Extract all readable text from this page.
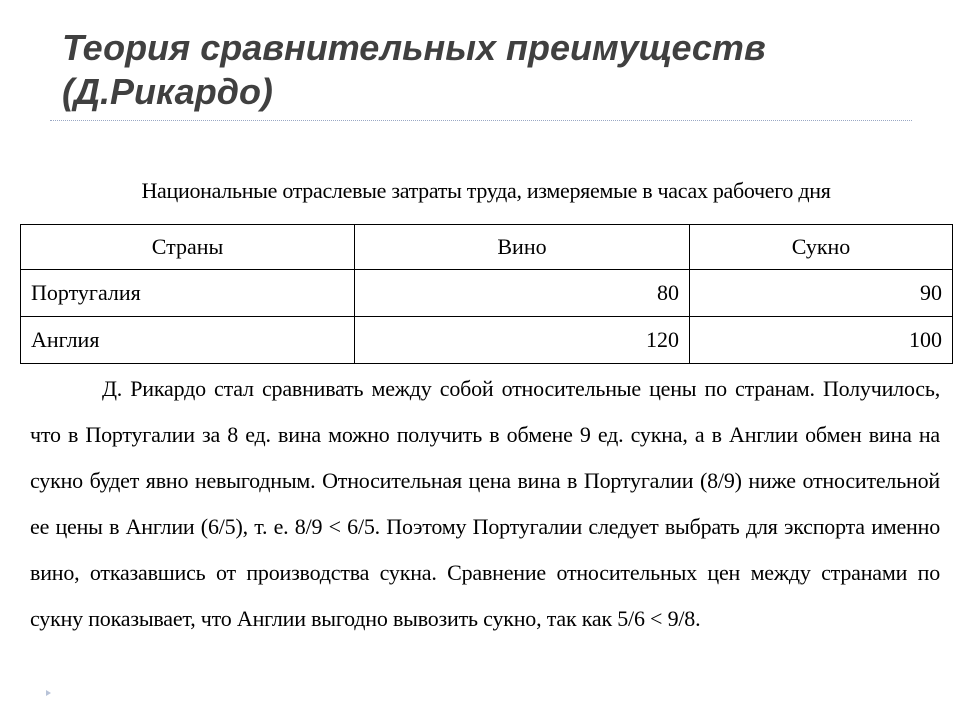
Теория сравнительных преимуществ
(Д.Рикардо)
Национальные отраслевые затраты труда, измеряемые в часах рабочего дня
Страны	Вино	Сукно
Португалия	80	90
Англия	120	100

Д. Рикардо стал сравнивать между собой относительные цены по странам. Получилось, что в Португалии за 8 ед. вина можно получить в обмене 9 ед. сукна, а в Англии обмен вина на сукно будет явно невыгодным. Относительная цена вина в Португалии (8/9) ниже относительной ее цены в Англии (6/5), т. е. 8/9 < 6/5. Поэтому Португалии следует выбрать для экспорта именно вино, отказавшись от производства сукна. Сравнение относительных цен между странами по сукну показывает, что Англии выгодно вывозить сукно, так как 5/6 < 9/8.
